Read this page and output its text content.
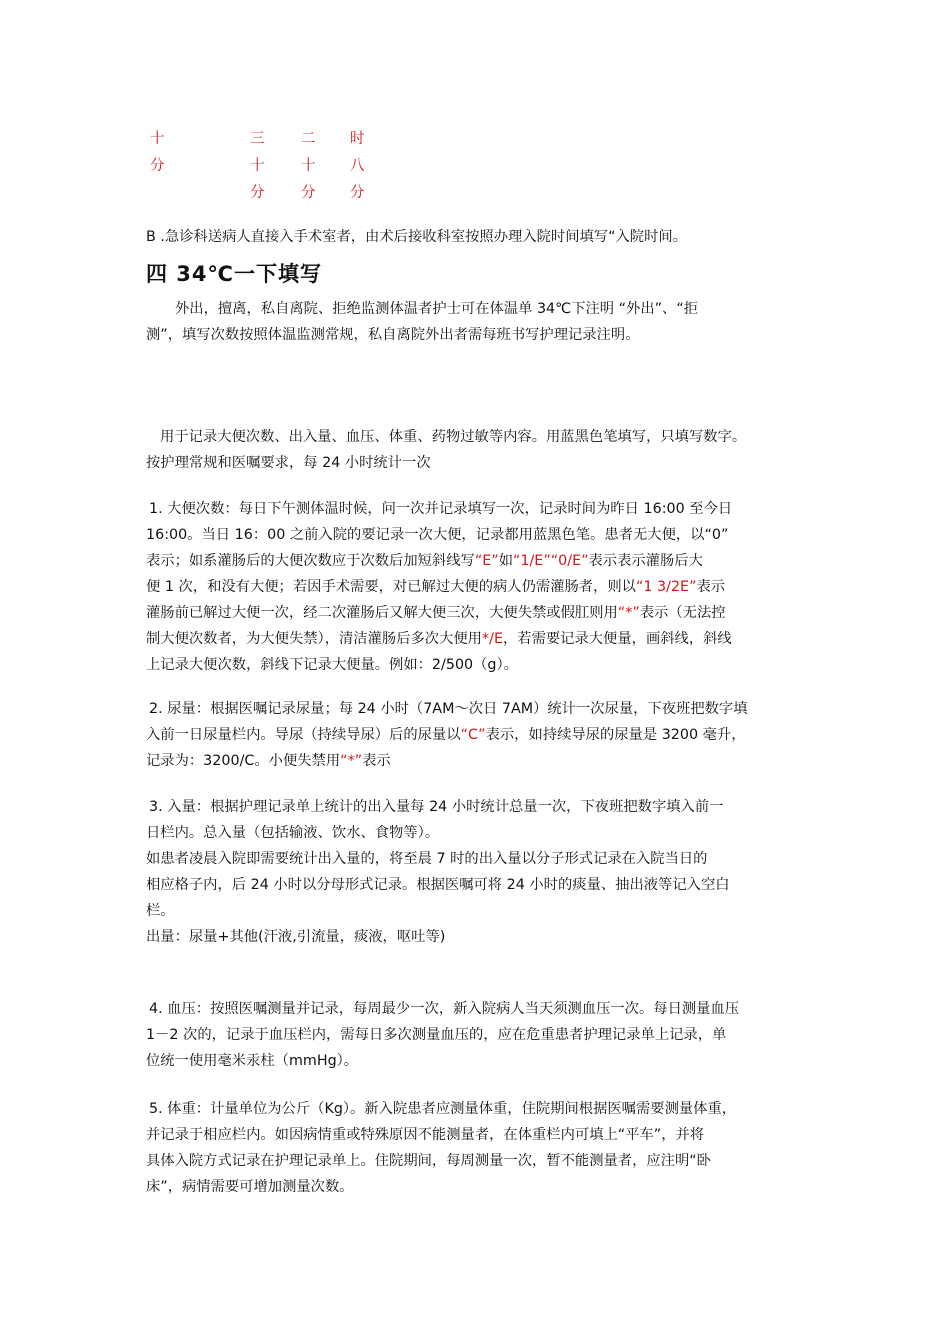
十
分
三
十
分
二
十
分
时
八
分
B .急诊科送病人直接入手术室者，由术后接收科室按照办理入院时间填写“入院时间。
四 34℃一下填写
外出，擅离，私自离院、拒绝监测体温者护士可在体温单 34℃下注明 “外出”、“拒
测”，填写次数按照体温监测常规，私自离院外出者需每班书写护理记录注明。
用于记录大便次数、出入量、血压、体重、药物过敏等内容。用蓝黑色笔填写，只填写数字。
按护理常规和医嘱要求，每 24 小时统计一次
1. 大便次数：每日下午测体温时候，问一次并记录填写一次，记录时间为昨日 16:00 至今日
16:00。当日 16：00 之前入院的要记录一次大便，记录都用蓝黑色笔。患者无大便，以“0”
表示；如系灌肠后的大便次数应于次数后加短斜线写“E”如“1/E”“0/E”表示表示灌肠后大
便 1 次，和没有大便；若因手术需要，对已解过大便的病人仍需灌肠者，则以“1 3/2E”表示
灌肠前已解过大便一次，经二次灌肠后又解大便三次，大便失禁或假肛则用“*”表示（无法控
制大便次数者，为大便失禁），清洁灌肠后多次大便用*/E，若需要记录大便量，画斜线，斜线
上记录大便次数，斜线下记录大便量。例如：2/500（g）。
2. 尿量：根据医嘱记录尿量；每 24 小时（7AM～次日 7AM）统计一次尿量，下夜班把数字填
入前一日尿量栏内。导尿（持续导尿）后的尿量以“C”表示，如持续导尿的尿量是 3200 毫升，
记录为：3200/C。小便失禁用“*”表示
3. 入量：根据护理记录单上统计的出入量每 24 小时统计总量一次，下夜班把数字填入前一
日栏内。总入量（包括输液、饮水、食物等）。
如患者凌晨入院即需要统计出入量的，将至晨 7 时的出入量以分子形式记录在入院当日的
相应格子内，后 24 小时以分母形式记录。根据医嘱可将 24 小时的痰量、抽出液等记入空白
栏。
出量：尿量+其他(汗液,引流量，痰液，呕吐等)
4. 血压：按照医嘱测量并记录，每周最少一次，新入院病人当天须测血压一次。每日测量血压
1－2 次的，记录于血压栏内，需每日多次测量血压的，应在危重患者护理记录单上记录，单
位统一使用毫米汞柱（mmHg）。
5. 体重：计量单位为公斤（Kg）。新入院患者应测量体重，住院期间根据医嘱需要测量体重，
并记录于相应栏内。如因病情重或特殊原因不能测量者，在体重栏内可填上“平车”，并将
具体入院方式记录在护理记录单上。住院期间，每周测量一次，暂不能测量者，应注明“卧
床”，病情需要可增加测量次数。
